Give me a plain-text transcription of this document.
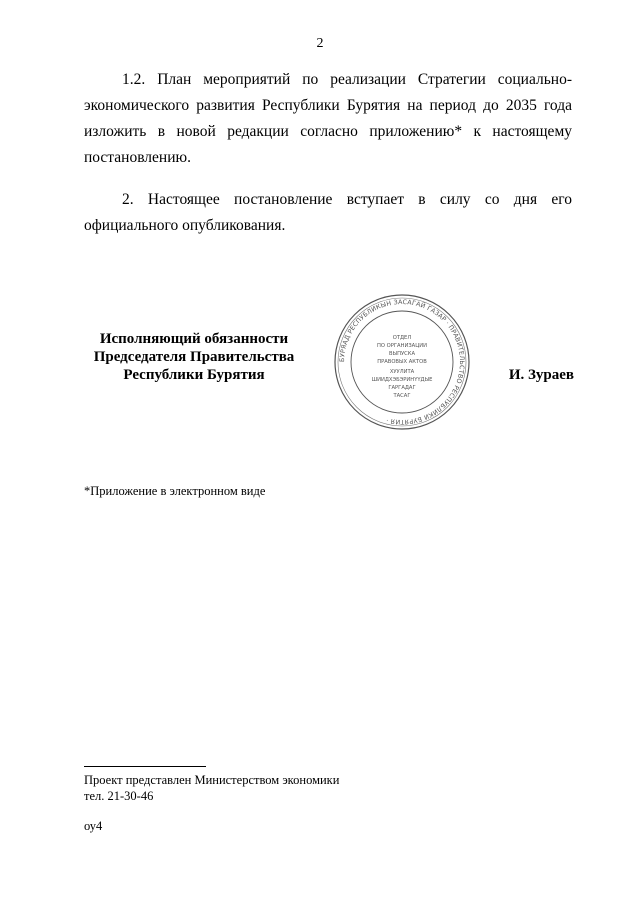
2

1.2. План мероприятий по реализации Стратегии социально-экономического развития Республики Бурятия на период до 2035 года изложить в новой редакции согласно приложению* к настоящему постановлению.

2. Настоящее постановление вступает в силу со дня его официального опубликования.

Исполняющий обязанности
Председателя Правительства
Республики Бурятия
БУРЯАД РЕСПУБЛИКЫН ЗАСАГАЙ ГАЗАР · ПРАВИТЕЛЬСТВО РЕСПУБЛИКИ БУРЯТИЯ ·
ОТДЕЛ
ПО ОРГАНИЗАЦИИ
ВЫПУСКА
ПРАВОВЫХ АКТОВ
ХУУЛИТА
ШИИДХЭБЭРИНҮҮДЫЕ
ГАРГАДАГ
ТАСАГ
И. Зураев
*Приложение в электронном виде
Проект представлен Министерством экономики
тел. 21-30-46
оу4
